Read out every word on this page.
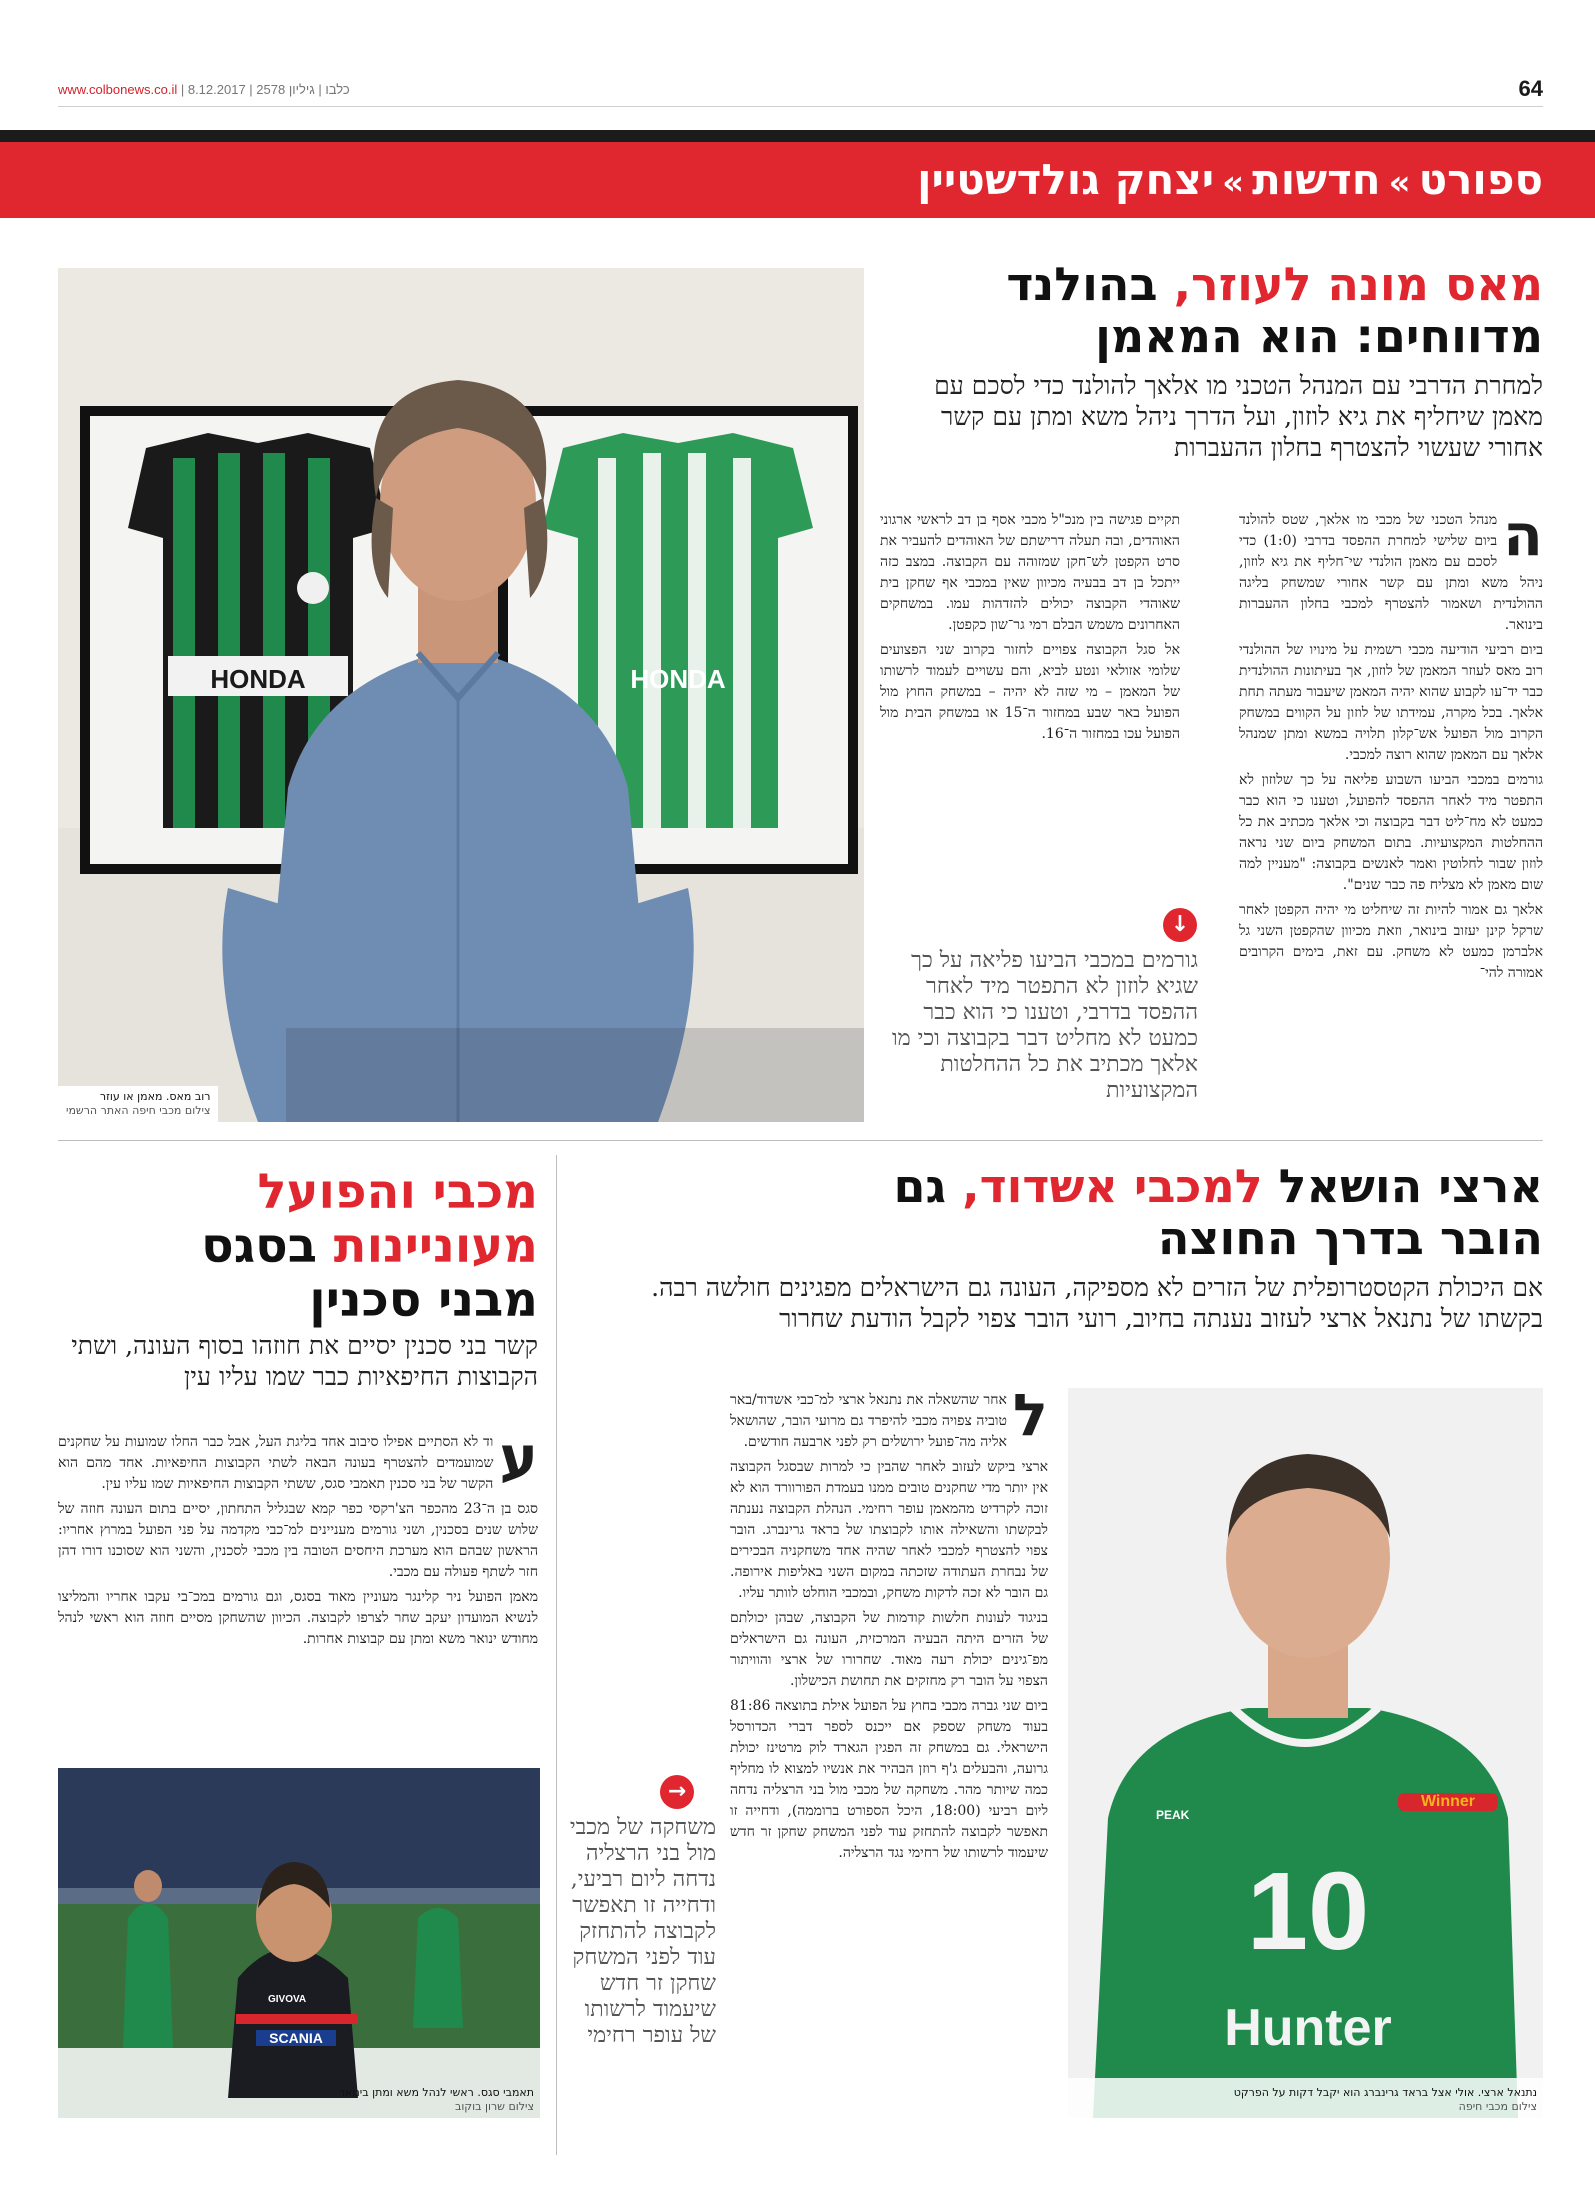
www.colbonews.co.il | כלבו | גיליון 2578 | 8.12.2017	64
ספורט»חדשות»יצחק גולדשטיין
HONDA	HONDA
רוב מאס. מאמן או עוזר
צילום מכבי חיפה האתר הרשמי
מאס מונה לעוזר, בהולנד
מדווחים: הוא המאמן
למחרת הדרבי עם המנהל הטכני מו אלאך להולנד כדי לסכם עם מאמן שיחליף את גיא לוזון, ועל הדרך ניהל משא ומתן עם קשר אחורי שעשוי להצטרף בחלון ההעברות
ה

מנהל הטכני של מכבי מו אלאך, שטס להולנד ביום שלישי למחרת ההפסד בדרבי (1:0) כדי לסכם עם מאמן הולנדי שי־חליף את גיא לוזון, ניהל משא ומתן עם קשר אחורי שמשחק בליגה ההולנדית ושאמור להצטרף למכבי בחלון ההעברות בינואר.

ביום רביעי הודיעה מכבי רשמית על מינויו של ההולנדי רוב מאס לעוזר המאמן של לוזון, אך בעיתונות ההולנדית כבר יד־עו לקבוע שהוא יהיה המאמן שיעבור מעתה תחת אלאך. בכל מקרה, עמידתו של לוזון על הקווים במשחק הקרוב מול הפועל אש־קלון תלויה במשא ומתן שמנהל אלאך עם המאמן שהוא רוצה למכבי.

גורמים במכבי הביעו השבוע פליאה על כך שלוזון לא התפטר מיד לאחר ההפסד להפועל, וטענו כי הוא כבר כמעט לא מח־ליט דבר בקבוצה וכי אלאך מכתיב את כל ההחלטות המקצועיות. בתום המשחק ביום שני נראה לוזון שבור לחלוטין ואמר לאנשים בקבוצה: "מעניין למה שום מאמן לא מצליח פה כבר שנים".

אלאך גם אמור להיות זה שיחליט מי יהיה הקפטן לאחר שרקל קינן יעזוב בינואר, וזאת מכיוון שהקפטן השני גל אלברמן כמעט לא משחק. עם זאת, בימים הקרובים אמורה להי־

תקיים פגישה בין מנכ"ל מכבי אסף בן דב לראשי ארגוני האוהדים, ובה תעלה דרישתם של האוהדים להעביר את סרט הקפטן לש־חקן שמזוהה עם הקבוצה. במצב כזה ייתכל בן דב בבעיה מכיוון שאין במכבי אף שחקן בית שאוהדי הקבוצה יכולים להזדהות עמו. במשחקים האחרונים משמש הבלם רמי גר־שון כקפטן.

אל סגל הקבוצה צפויים לחזור בקרוב שני הפצועים שלומי אזולאי ונטע לביא, והם עשויים לעמוד לרשותו של המאמן – מי שזה לא יהיה – במשחק החוץ מול הפועל באר שבע במחזור ה־15 או במשחק הבית מול הפועל עכו במחזור ה־16.

↓
גורמים במכבי הביעו פליאה על כך שגיא לוזון לא התפטר מיד לאחר ההפסד בדרבי, וטענו כי הוא כבר כמעט לא מחליט דבר בקבוצה וכי מו אלאך מכתיב את כל ההחלטות המקצועיות
ארצי הושאל למכבי אשדוד, גם
הובר בדרך החוצה
אם היכולת הקטסטרופלית של הזרים לא מספיקה, העונה גם הישראלים מפגינים חולשה רבה. בקשתו של נתנאל ארצי לעזוב נענתה בחיוב, רועי הובר צפוי לקבל הודעת שחרור
Winner
PEAK
10
Hunter
נתנאל ארצי. אולי אצל בראד גרינברג הוא יקבל דקות על הפרקט
צילום מכבי חיפה
ל

אחר שהשאלה את נתנאל ארצי למ־כבי אשדוד/באר טוביה צפויה מכבי להיפרד גם מרועי הובר, שהושאל אליה מה־פועל ירושלים רק לפני ארבעה חודשים.

ארצי ביקש לעזוב לאחר שהבין כי למרות שבסגל הקבוצה אין יותר מדי שחקנים טובים ממנו בעמדת הפורוורד הוא לא זוכה לקרדיט מהמאמן עופר רחימי. הנהלת הקבוצה נענתה לבקשתו והשאילה אותו לקבוצתו של בראד גרינברג. הובר צפוי להצטרף למכבי לאחר שהיה אחד משחקניה הבכירים של נבחרת העתודה שזכתה במקום השני באליפות אירופה. גם הובר לא זכה לדקות משחק, ובמכבי הוחלט לוותר עליו.

בניגוד לעונות חלשות קודמות של הקבוצה, שבהן יכולתם של הזרים היתה הבעיה המרכזית, העונה גם הישראלים מפ־גינים יכולת רעה מאוד. שחרורו של ארצי והוויתור הצפוי על הובר רק מחזקים את תחושת הכישלון.

ביום שני גברה מכבי בחוץ על הפועל אילת בתוצאה 81:86 בעוד משחק שספק אם ייכנס לספר דברי הכדורסל הישראלי. גם במשחק זה הפגין הגארד לוק מרטינז יכולת גרועה, והבעלים ג'ף רוזן הבהיר את אנשיו למצוא לו מחליף כמה שיותר מהר. משחקה של מכבי מול בני הרצליה נדחה ליום רביעי (18:00, היכל הספורט ברוממה), ודחייה זו תאפשר לקבוצה להתחזק עוד לפני המשחק שחקן זר חדש שיעמוד לרשותו של רחימי נגד הרצליה.

→
משחקה של מכבי מול בני הרצליה נדחה ליום רביעי, ודחייה זו תאפשר לקבוצה להתחזק עוד לפני המשחק שחקן זר חדש שיעמוד לרשותו של עופר רחימי
מכבי והפועל
מעוניינות בסגס
מבני סכנין
קשר בני סכנין יסיים את חוזהו בסוף העונה, ושתי הקבוצות החיפאיות כבר שמו עליו עין
ע

וד לא הסתיים אפילו סיבוב אחד בליגת העל, אבל כבר החלו שמועות על שחקנים שמועמדים להצטרף בעונה הבאה לשתי הקבוצות החיפאיות. אחד מהם הוא הקשר של בני סכנין תאמבי סגס, ששתי הקבוצות החיפאיות שמו עליו עין.

סגס בן ה־23 מהכפר הצ'רקסי כפר קמא שבגליל התחתון, יסיים בתום העונה חוזה של שלוש שנים בסכנין, ושני גורמים מעניינים למ־כבי מקדמה על פני הפועל במרוץ אחריו: הראשון שבהם הוא מערכת היחסים הטובה בין מכבי לסכנין, והשני הוא שסוכנו דורו דהן חזר לשתף פעולה עם מכבי.

מאמן הפועל ניר קלינגר מעוניין מאוד בסגס, וגם גורמים במכ־בי עקבו אחריו והמליצו לנשיא המועדון יעקב שחר לצרפו לקבוצה. הכיוון שהשחקן מסיים חוזה הוא ראשי לנהל מחודש ינואר משא ומתן עם קבוצות אחרות.

GIVOVA
SCANIA
תאמבי סגס. ראשי לנהל משא ומתן בינואר
צילום שרון בוקוב
